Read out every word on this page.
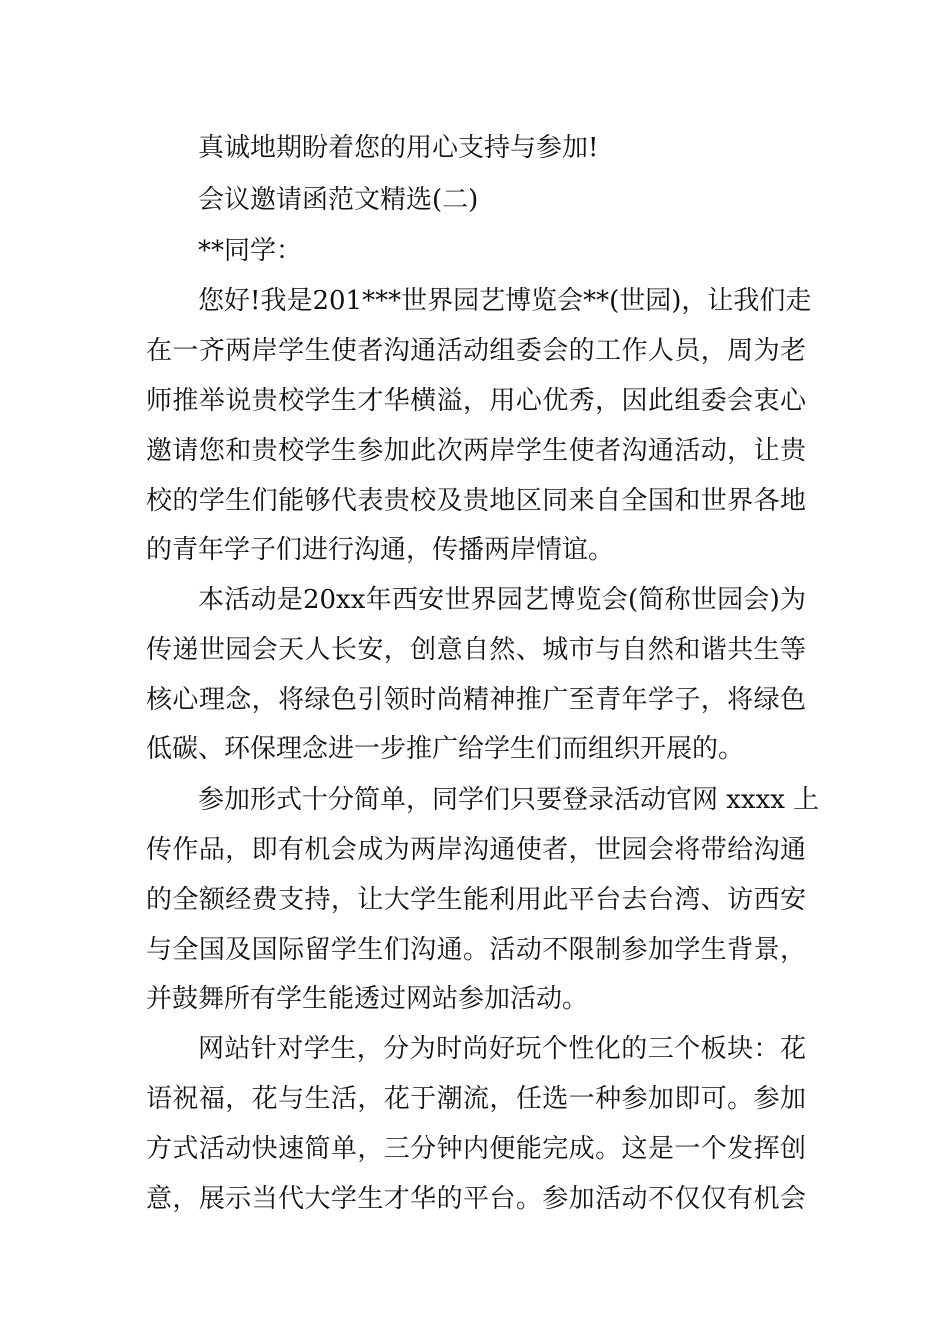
真诚地期盼着您的用心支持与参加!
会议邀请函范文精选(二)
**同学：
您好!我是201***世界园艺博览会**(世园)，让我们走
在一齐两岸学生使者沟通活动组委会的工作人员，周为老
师推举说贵校学生才华横溢，用心优秀，因此组委会衷心
邀请您和贵校学生参加此次两岸学生使者沟通活动，让贵
校的学生们能够代表贵校及贵地区同来自全国和世界各地
的青年学子们进行沟通，传播两岸情谊。
本活动是20xx年西安世界园艺博览会(简称世园会)为
传递世园会天人长安，创意自然、城市与自然和谐共生等
核心理念，将绿色引领时尚精神推广至青年学子，将绿色
低碳、环保理念进一步推广给学生们而组织开展的。
参加形式十分简单，同学们只要登录活动官网 xxxx 上
传作品，即有机会成为两岸沟通使者，世园会将带给沟通
的全额经费支持，让大学生能利用此平台去台湾、访西安
与全国及国际留学生们沟通。活动不限制参加学生背景，
并鼓舞所有学生能透过网站参加活动。
网站针对学生，分为时尚好玩个性化的三个板块：花
语祝福，花与生活，花于潮流，任选一种参加即可。参加
方式活动快速简单，三分钟内便能完成。这是一个发挥创
意，展示当代大学生才华的平台。参加活动不仅仅有机会
